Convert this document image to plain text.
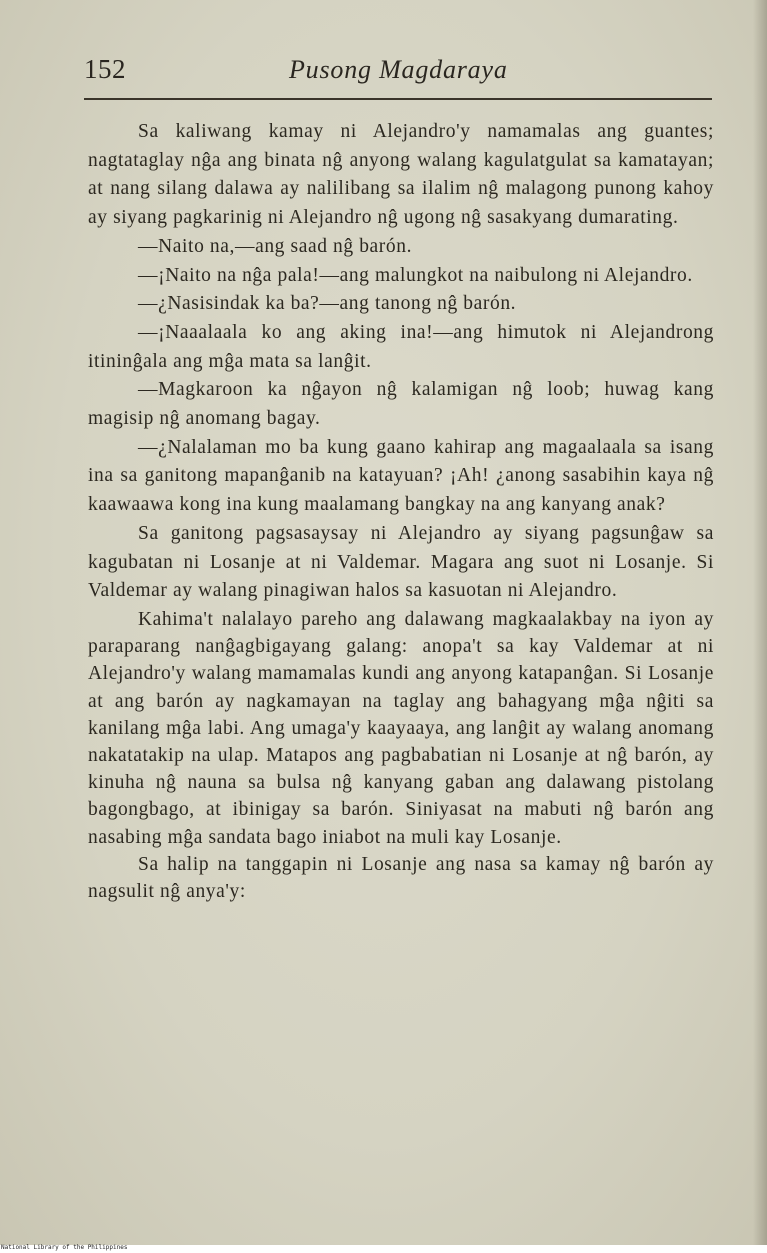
152	Pusong Magdaraya

Sa kaliwang kamay ni Alejandro'y namamalas ang guantes; nagtataglay nĝa ang binata nĝ anyong walang kagulatgulat sa kamatayan; at nang silang dalawa ay nalilibang sa ilalim nĝ malagong punong kahoy ay siyang pagkarinig ni Alejandro nĝ ugong nĝ sasakyang dumarating.

—Naito na,—ang saad nĝ barón.

—¡Naito na nĝa pala!—ang malungkot na naibulong ni Alejandro.

—¿Nasisindak ka ba?—ang tanong nĝ barón.

—¡Naaalaala ko ang aking ina!—ang himutok ni Alejandrong itininĝala ang mĝa mata sa lanĝit.

—Magkaroon ka nĝayon nĝ kalamigan nĝ loob; huwag kang magisip nĝ anomang bagay.

—¿Nalalaman mo ba kung gaano kahirap ang magaalaala sa isang ina sa ganitong mapanĝanib na katayuan? ¡Ah! ¿anong sasabihin kaya nĝ kaawaawa kong ina kung maalamang bangkay na ang kanyang anak?

Sa ganitong pagsasaysay ni Alejandro ay siyang pagsunĝaw sa kagubatan ni Losanje at ni Valdemar. Magara ang suot ni Losanje. Si Valdemar ay walang pinagiwan halos sa kasuotan ni Alejandro.

Kahima't nalalayo pareho ang dalawang magkaalakbay na iyon ay paraparang nanĝagbigayang galang: anopa't sa kay Valdemar at ni Alejandro'y walang mamamalas kundi ang anyong katapanĝan. Si Losanje at ang barón ay nagkamayan na taglay ang bahagyang mĝa nĝiti sa kanilang mĝa labi. Ang umaga'y kaayaaya, ang lanĝit ay walang anomang nakatatakip na ulap. Matapos ang pagbabatian ni Losanje at nĝ barón, ay kinuha nĝ nauna sa bulsa nĝ kanyang gaban ang dalawang pistolang bagongbago, at ibinigay sa barón. Siniyasat na mabuti nĝ barón ang nasabing mĝa sandata bago iniabot na muli kay Losanje.

Sa halip na tanggapin ni Losanje ang nasa sa kamay nĝ barón ay nagsulit nĝ anya'y:

National Library of the Philippines
